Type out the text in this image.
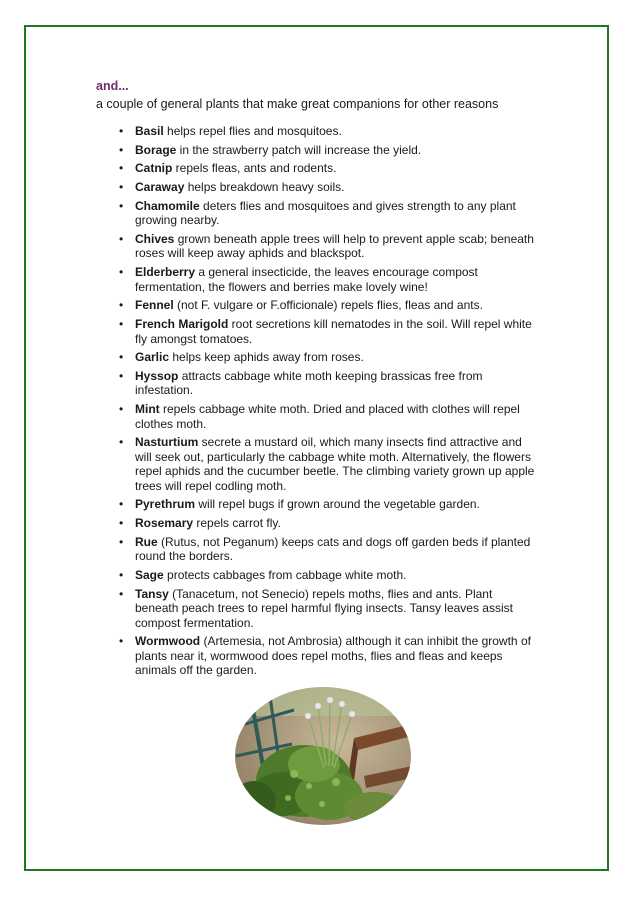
and...

a couple of general plants that make great companions for other reasons

• Basil helps repel flies and mosquitoes.
• Borage in the strawberry patch will increase the yield.
• Catnip repels fleas, ants and rodents.
• Caraway helps breakdown heavy soils.
• Chamomile deters flies and mosquitoes and gives strength to any plant growing nearby.
• Chives grown beneath apple trees will help to prevent apple scab; beneath roses will keep away aphids and blackspot.
• Elderberry a general insecticide, the leaves encourage compost fermentation, the flowers and berries make lovely wine!
• Fennel (not F. vulgare or F.officionale) repels flies, fleas and ants.
• French Marigold root secretions kill nematodes in the soil. Will repel white fly amongst tomatoes.
• Garlic helps keep aphids away from roses.
• Hyssop attracts cabbage white moth keeping brassicas free from infestation.
• Mint repels cabbage white moth. Dried and placed with clothes will repel clothes moth.
• Nasturtium secrete a mustard oil, which many insects find attractive and will seek out, particularly the cabbage white moth. Alternatively, the flowers repel aphids and the cucumber beetle. The climbing variety grown up apple trees will repel codling moth.
• Pyrethrum will repel bugs if grown around the vegetable garden.
• Rosemary repels carrot fly.
• Rue (Rutus, not Peganum) keeps cats and dogs off garden beds if planted round the borders.
• Sage protects cabbages from cabbage white moth.
• Tansy (Tanacetum, not Senecio) repels moths, flies and ants. Plant beneath peach trees to repel harmful flying insects. Tansy leaves assist compost fermentation.
• Wormwood (Artemesia, not Ambrosia) although it can inhibit the growth of plants near it, wormwood does repel moths, flies and fleas and keeps animals off the garden.
